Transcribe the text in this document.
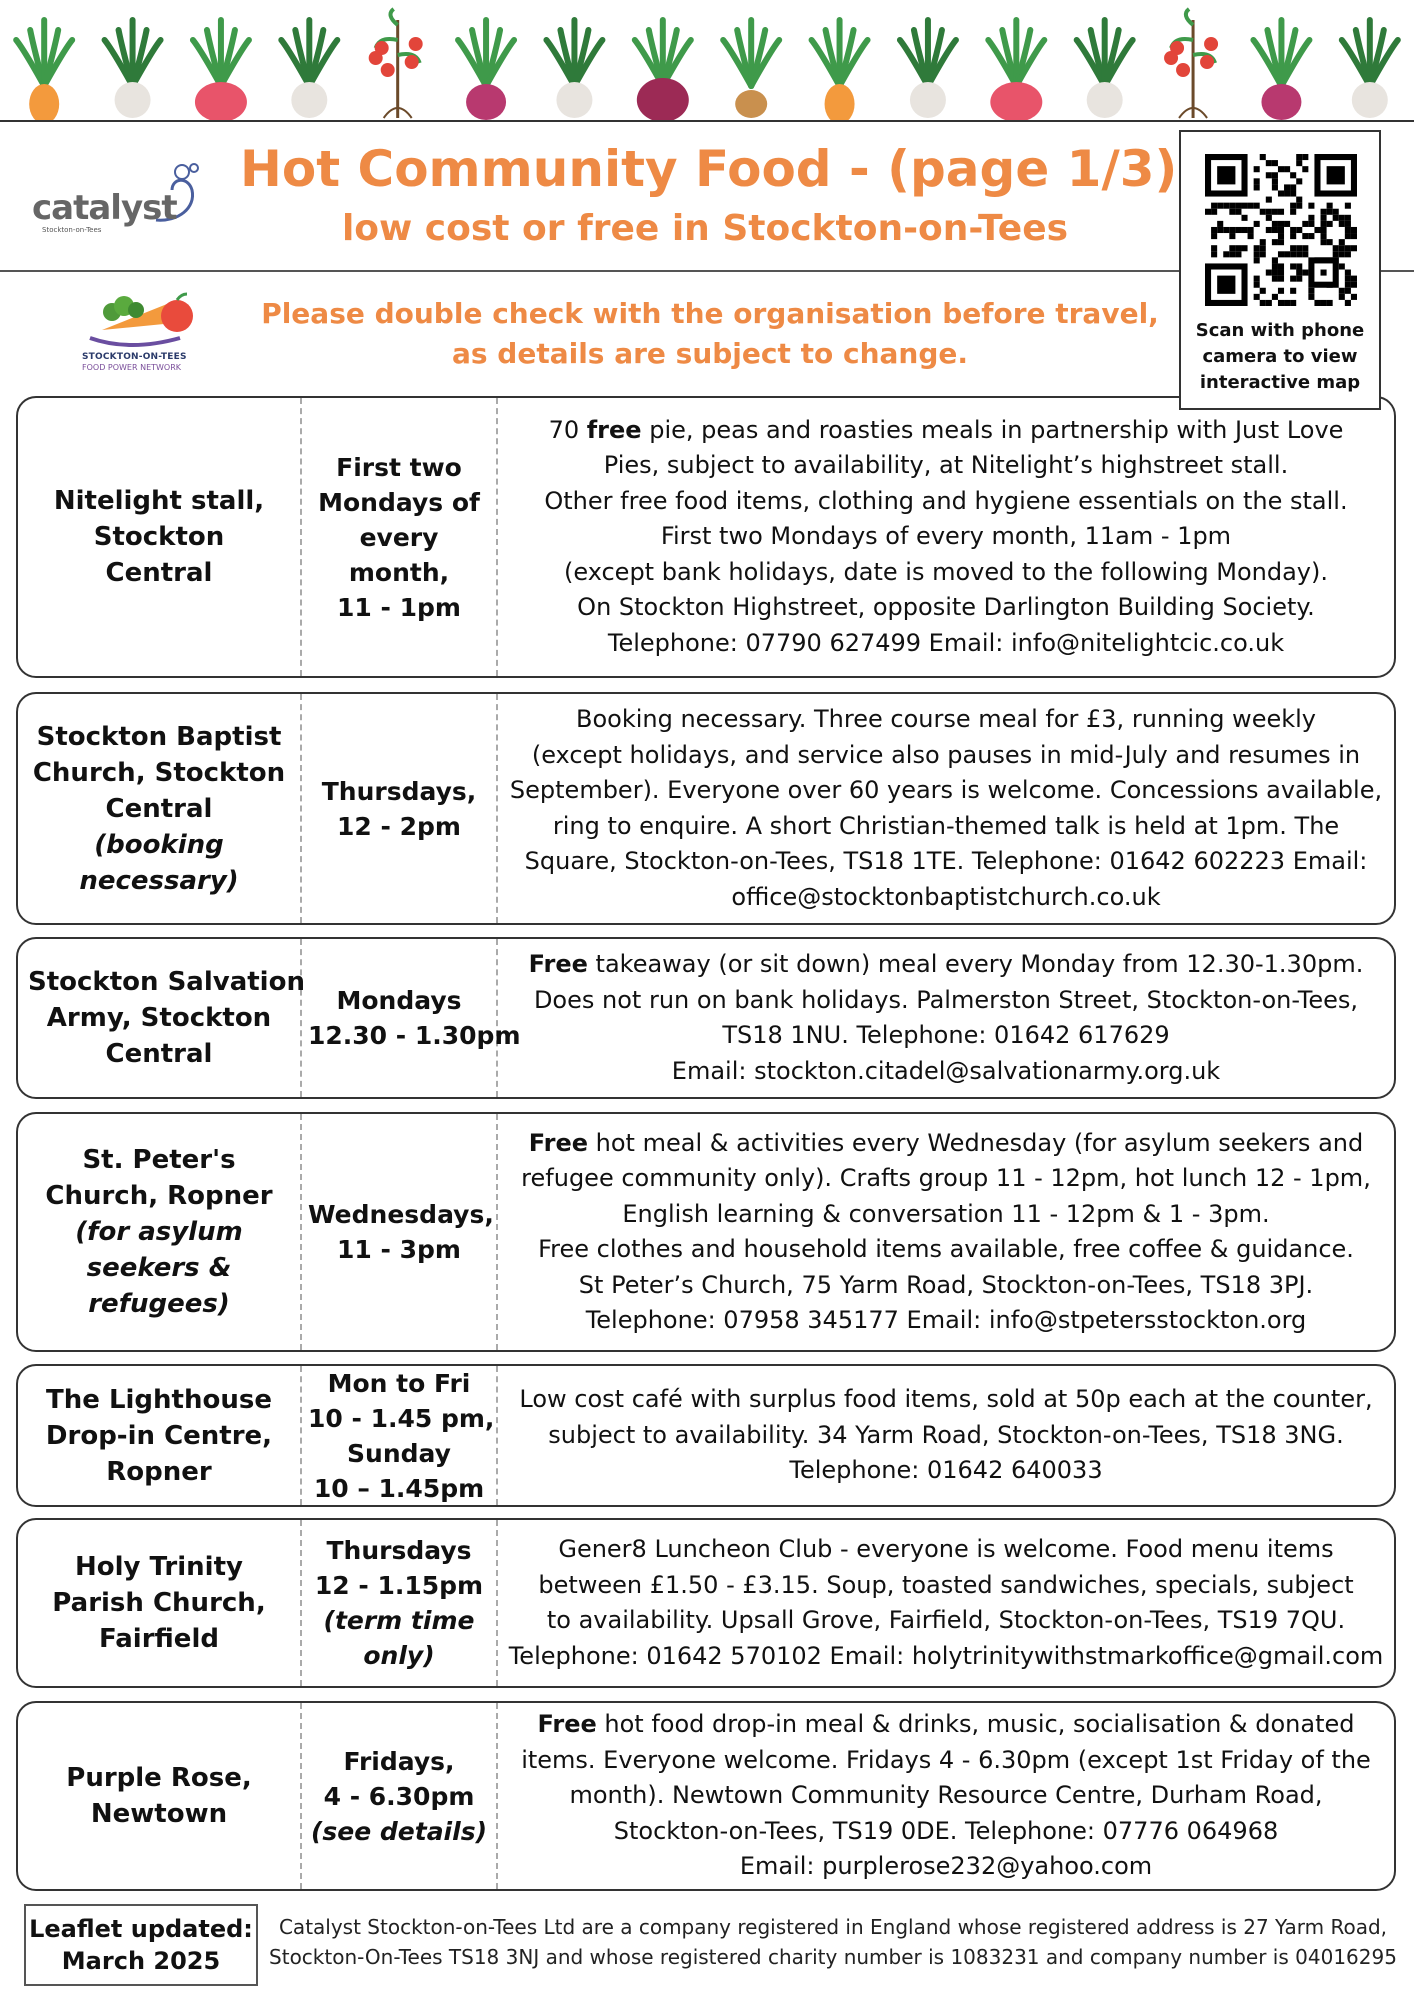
catalyst
Stockton-on-Tees
Hot Community Food - (page 1/3)
low cost or free in Stockton-on-Tees
Scan with phone
camera to view
interactive map
STOCKTON-ON-TEES
FOOD POWER NETWORK
Please double check with the organisation before travel,
as details are subject to change.

Nitelight stall,
Stockton
Central

First two
Mondays of
every
month,
11 - 1pm

70 free pie, peas and roasties meals in partnership with Just Love
Pies, subject to availability, at Nitelight’s highstreet stall.
Other free food items, clothing and hygiene essentials on the stall.
First two Mondays of every month, 11am - 1pm
(except bank holidays, date is moved to the following Monday).
On Stockton Highstreet, opposite Darlington Building Society.
Telephone: 07790 627499 Email: info@nitelightcic.co.uk

Stockton Baptist
Church, Stockton
Central
(booking necessary)

Thursdays,
12 - 2pm

Booking necessary. Three course meal for £3, running weekly
(except holidays, and service also pauses in mid-July and resumes in
September). Everyone over 60 years is welcome. Concessions available,
ring to enquire. A short Christian-themed talk is held at 1pm. The
Square, Stockton-on-Tees, TS18 1TE. Telephone: 01642 602223 Email:
office@stocktonbaptistchurch.co.uk

Stockton Salvation
Army, Stockton
Central

Mondays
12.30 - 1.30pm

Free takeaway (or sit down) meal every Monday from 12.30-1.30pm.
Does not run on bank holidays. Palmerston Street, Stockton-on-Tees,
TS18 1NU. Telephone: 01642 617629
Email: stockton.citadel@salvationarmy.org.uk

St. Peter's
Church, Ropner
(for asylum seekers & refugees)

Wednesdays,
11 - 3pm

Free hot meal & activities every Wednesday (for asylum seekers and
refugee community only). Crafts group 11 - 12pm, hot lunch 12 - 1pm,
English learning & conversation 11 - 12pm & 1 - 3pm.
Free clothes and household items available, free coffee & guidance.
St Peter’s Church, 75 Yarm Road, Stockton-on-Tees, TS18 3PJ.
Telephone: 07958 345177 Email: info@stpetersstockton.org

The Lighthouse
Drop-in Centre,
Ropner

Mon to Fri
10 - 1.45 pm,
Sunday
10 – 1.45pm

Low cost café with surplus food items, sold at 50p each at the counter,
subject to availability. 34 Yarm Road, Stockton-on-Tees, TS18 3NG.
Telephone: 01642 640033

Holy Trinity
Parish Church,
Fairfield

Thursdays
12 - 1.15pm
(term time only)

Gener8 Luncheon Club - everyone is welcome. Food menu items
between £1.50 - £3.15. Soup, toasted sandwiches, specials, subject
to availability. Upsall Grove, Fairfield, Stockton-on-Tees, TS19 7QU.
Telephone: 01642 570102 Email: holytrinitywithstmarkoffice@gmail.com

Purple Rose,
Newtown

Fridays,
4 - 6.30pm
(see details)

Free hot food drop-in meal & drinks, music, socialisation & donated
items. Everyone welcome. Fridays 4 - 6.30pm (except 1st Friday of the
month). Newtown Community Resource Centre, Durham Road,
Stockton-on-Tees, TS19 0DE. Telephone: 07776 064968
Email: purplerose232@yahoo.com

Leaflet updated:
March 2025
Catalyst Stockton-on-Tees Ltd are a company registered in England whose registered address is 27 Yarm Road,
Stockton-On-Tees TS18 3NJ and whose registered charity number is 1083231 and company number is 04016295
